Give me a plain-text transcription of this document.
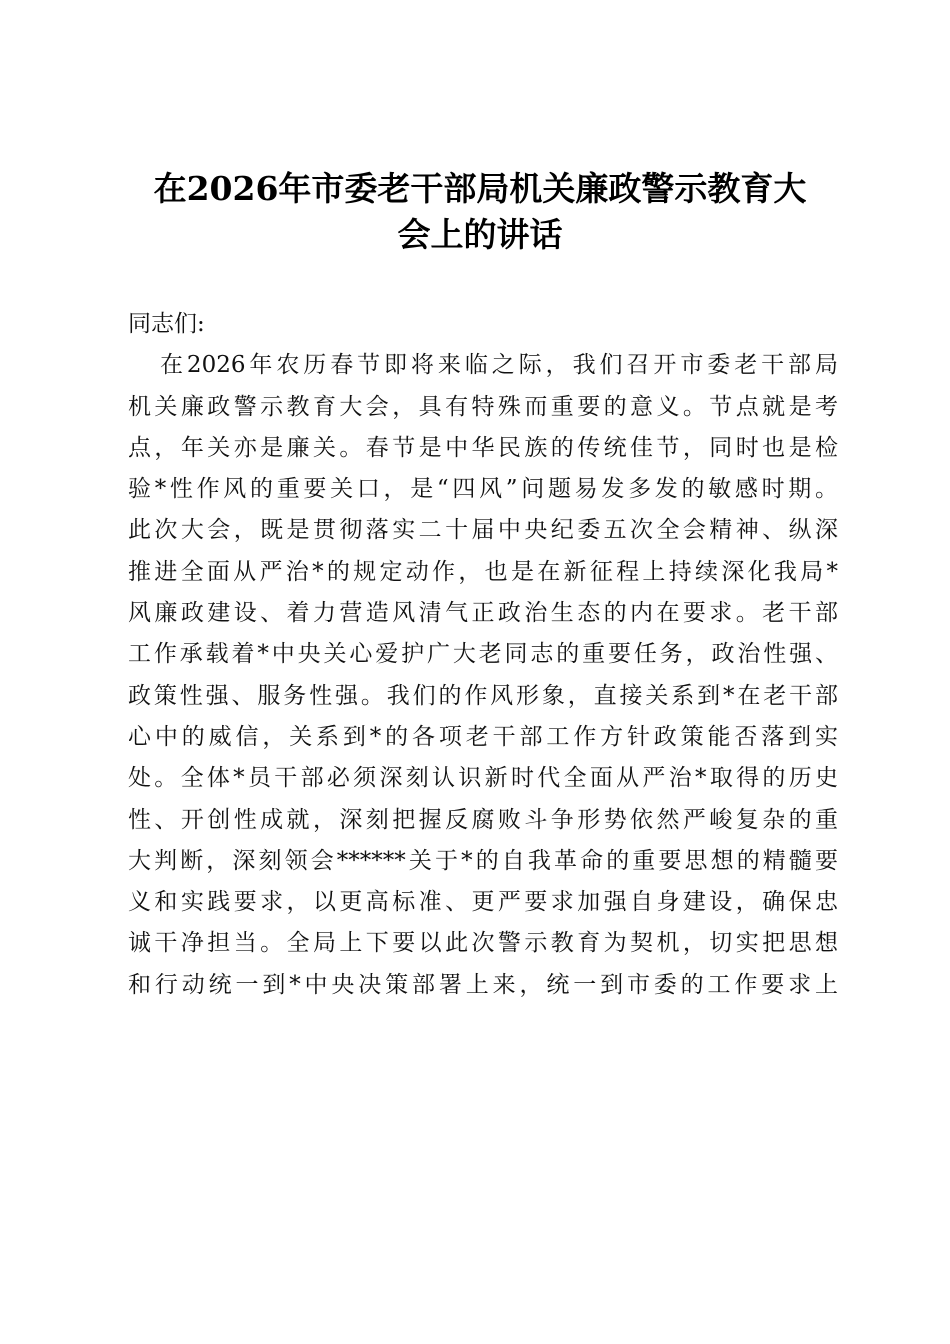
在2026年市委老干部局机关廉政警示教育大
会上的讲话
同志们:
在2026年农历春节即将来临之际，我们召开市委老干部局
机关廉政警示教育大会，具有特殊而重要的意义。节点就是考
点，年关亦是廉关。春节是中华民族的传统佳节，同时也是检
验*性作风的重要关口，是“四风”问题易发多发的敏感时期。
此次大会，既是贯彻落实二十届中央纪委五次全会精神、纵深
推进全面从严治*的规定动作，也是在新征程上持续深化我局*
风廉政建设、着力营造风清气正政治生态的内在要求。老干部
工作承载着*中央关心爱护广大老同志的重要任务，政治性强、
政策性强、服务性强。我们的作风形象，直接关系到*在老干部
心中的威信，关系到*的各项老干部工作方针政策能否落到实
处。全体*员干部必须深刻认识新时代全面从严治*取得的历史
性、开创性成就，深刻把握反腐败斗争形势依然严峻复杂的重
大判断，深刻领会******关于*的自我革命的重要思想的精髓要
义和实践要求，以更高标准、更严要求加强自身建设，确保忠
诚干净担当。全局上下要以此次警示教育为契机，切实把思想
和行动统一到*中央决策部署上来，统一到市委的工作要求上
